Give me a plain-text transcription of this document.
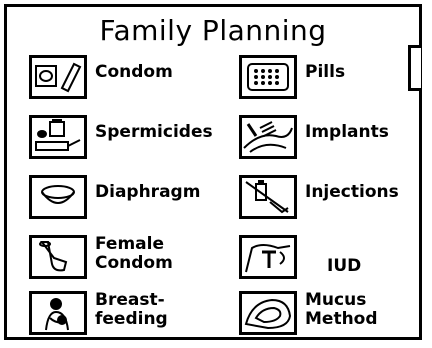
Family Planning
Condom	Pills
Spermicides	Implants
Diaphragm	Injections
Female
Condom	IUD
Breast-
feeding
Mucus
Method
